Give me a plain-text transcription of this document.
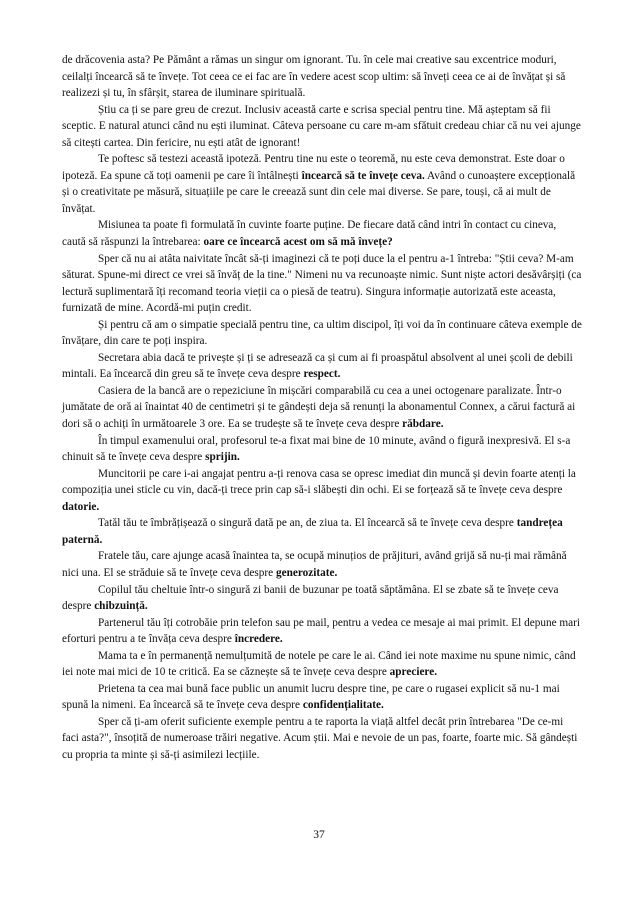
de drăcovenia asta? Pe Pământ a rămas un singur om ignorant. Tu. în cele mai creative sau excentrice moduri, ceilalți încearcă să te învețe. Tot ceea ce ei fac are în vedere acest scop ultim: să înveți ceea ce ai de învățat și să realizezi și tu, în sfârșit, starea de iluminare spirituală.

Știu ca ți se pare greu de crezut. Inclusiv această carte e scrisa special pentru tine. Mă așteptam să fii sceptic. E natural atunci când nu ești iluminat. Câteva persoane cu care m-am sfătuit credeau chiar că nu vei ajunge să citești cartea. Din fericire, nu ești atât de ignorant!

Te poftesc să testezi această ipoteză. Pentru tine nu este o teoremă, nu este ceva demonstrat. Este doar o ipoteză. Ea spune că toți oamenii pe care îi întâlnești încearcă să te învețe ceva. Având o cunoaștere excepțională și o creativitate pe măsură, situațiile pe care le creează sunt din cele mai diverse. Se pare, touși, că ai mult de învățat.

Misiunea ta poate fi formulată în cuvinte foarte puține. De fiecare dată când intri în contact cu cineva, caută să răspunzi la întrebarea: oare ce încearcă acest om să mă învețe?

Sper că nu ai atâta naivitate încât să-ți imaginezi că te poți duce la el pentru a-1 întreba: "Știi ceva? M-am săturat. Spune-mi direct ce vrei să învăț de la tine." Nimeni nu va recunoaște nimic. Sunt niște actori desăvârșiți (ca lectură suplimentară îți recomand teoria vieții ca o piesă de teatru). Singura informație autorizată este aceasta, furnizată de mine. Acordă-mi puțin credit.

Și pentru că am o simpatie specială pentru tine, ca ultim discipol, îți voi da în continuare câteva exemple de învățare, din care te poți inspira.

Secretara abia dacă te privește și ți se adresează ca și cum ai fi proaspătul absolvent al unei școli de debili mintali. Ea încearcă din greu să te învețe ceva despre respect.

Casiera de la bancă are o repeziciune în mișcări comparabilă cu cea a unei octogenare paralizate. Într-o jumătate de oră ai înaintat 40 de centimetri și te gândești deja să renunți la abonamentul Connex, a cărui factură ai dori să o achiți în următoarele 3 ore. Ea se trudește să te învețe ceva despre răbdare.

În timpul examenului oral, profesorul te-a fixat mai bine de 10 minute, având o figură inexpresivă. El s-a chinuit să te învețe ceva despre sprijin.

Muncitorii pe care i-ai angajat pentru a-ți renova casa se opresc imediat din muncă și devin foarte atenți la compoziția unei sticle cu vin, dacă-ți trece prin cap să-i slăbești din ochi. Ei se forțează să te învețe ceva despre datorie.

Tatăl tău te îmbrățișează o singură dată pe an, de ziua ta. El încearcă să te învețe ceva despre tandrețea paternă.

Fratele tău, care ajunge acasă înaintea ta, se ocupă minuțios de prăjituri, având grijă să nu-ți mai rămână nici una. El se străduie să te învețe ceva despre generozitate.

Copilul tău cheltuie într-o singură zi banii de buzunar pe toată săptămâna. El se zbate să te învețe ceva despre chibzuință.

Partenerul tău îți cotrobăie prin telefon sau pe mail, pentru a vedea ce mesaje ai mai primit. El depune mari eforturi pentru a te învăța ceva despre încredere.

Mama ta e în permanență nemulțumită de notele pe care le ai. Când iei note maxime nu spune nimic, când iei note mai mici de 10 te critică. Ea se căznește să te învețe ceva despre apreciere.

Prietena ta cea mai bună face public un anumit lucru despre tine, pe care o rugasei explicit să nu-1 mai spună la nimeni. Ea încearcă să te învețe ceva despre confidențialitate.

Sper că ți-am oferit suficiente exemple pentru a te raporta la viață altfel decât prin întrebarea "De ce-mi faci asta?", însoțită de numeroase trăiri negative. Acum știi. Mai e nevoie de un pas, foarte, foarte mic. Să gândești cu propria ta minte și să-ți asimilezi lecțiile.

37
